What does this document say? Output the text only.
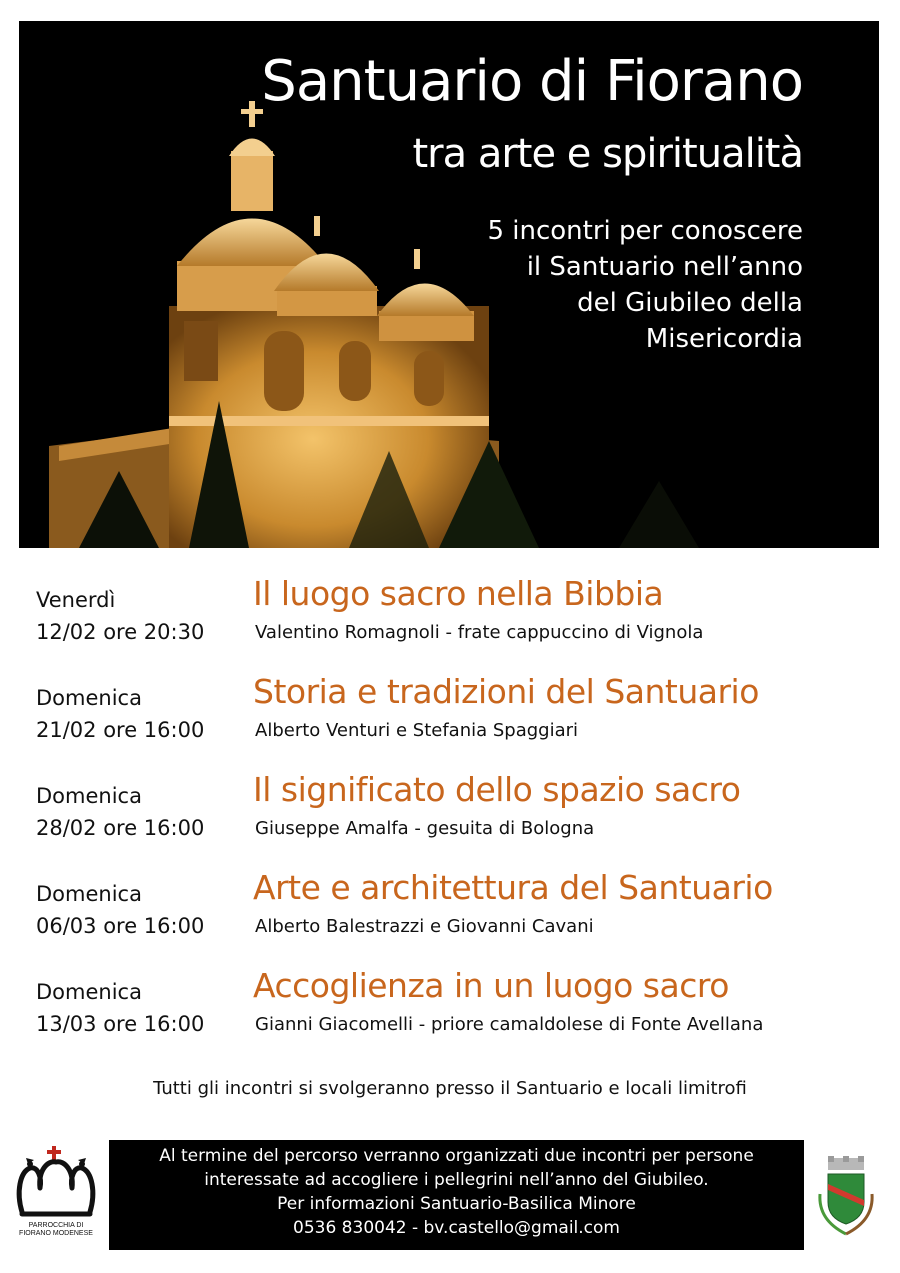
Santuario di Fiorano
tra arte e spiritualità
5 incontri per conoscere
il Santuario nell’anno
del Giubileo della
Misericordia
Venerdì
12/02 ore 20:30
Il luogo sacro nella Bibbia
Valentino Romagnoli - frate cappuccino di Vignola
Domenica
21/02 ore 16:00
Storia e tradizioni del Santuario
Alberto Venturi e Stefania Spaggiari
Domenica
28/02 ore 16:00
Il significato dello spazio sacro
Giuseppe Amalfa - gesuita di Bologna
Domenica
06/03 ore 16:00
Arte e architettura del Santuario
Alberto Balestrazzi e Giovanni Cavani
Domenica
13/03 ore 16:00
Accoglienza in un luogo sacro
Gianni Giacomelli - priore camaldolese di Fonte Avellana
Tutti gli incontri si svolgeranno presso il Santuario e locali limitrofi
PARROCCHIA DI
FIORANO MODENESE
Al termine del percorso verranno organizzati due incontri per persone
interessate ad accogliere i pellegrini nell’anno del Giubileo.
Per informazioni Santuario-Basilica Minore
0536 830042 - bv.castello@gmail.com
